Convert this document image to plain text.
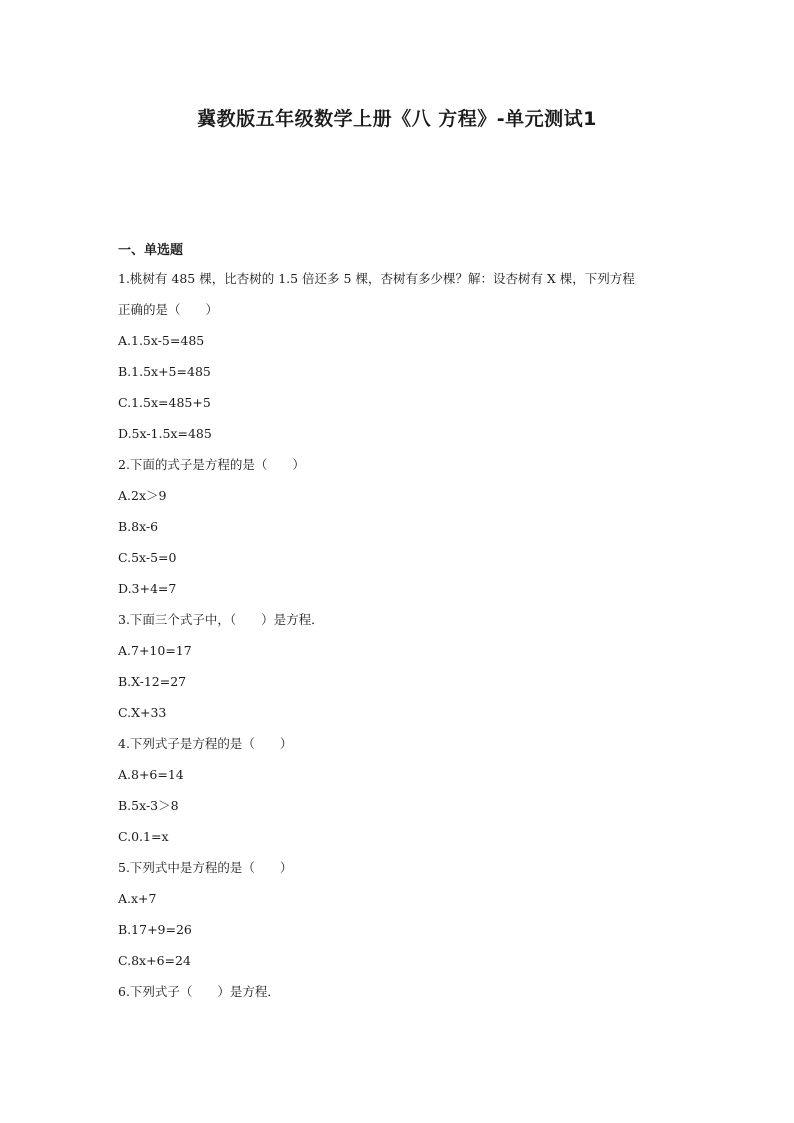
冀教版五年级数学上册《八 方程》-单元测试1
一、单选题
1.桃树有 485 棵，比杏树的 1.5 倍还多 5 棵，杏树有多少棵？解：设杏树有 X 棵，下列方程
正确的是（　　）
A.1.5x-5=485
B.1.5x+5=485
C.1.5x=485+5
D.5x-1.5x=485
2.下面的式子是方程的是（　　）
A.2x＞9
B.8x-6
C.5x-5=0
D.3+4=7
3.下面三个式子中，（　　）是方程．
A.7+10=17
B.X-12=27
C.X+33
4.下列式子是方程的是（　　）
A.8+6=14
B.5x-3＞8
C.0.1=x
5.下列式中是方程的是（　　）
A.x+7
B.17+9=26
C.8x+6=24
6.下列式子（　　）是方程．
